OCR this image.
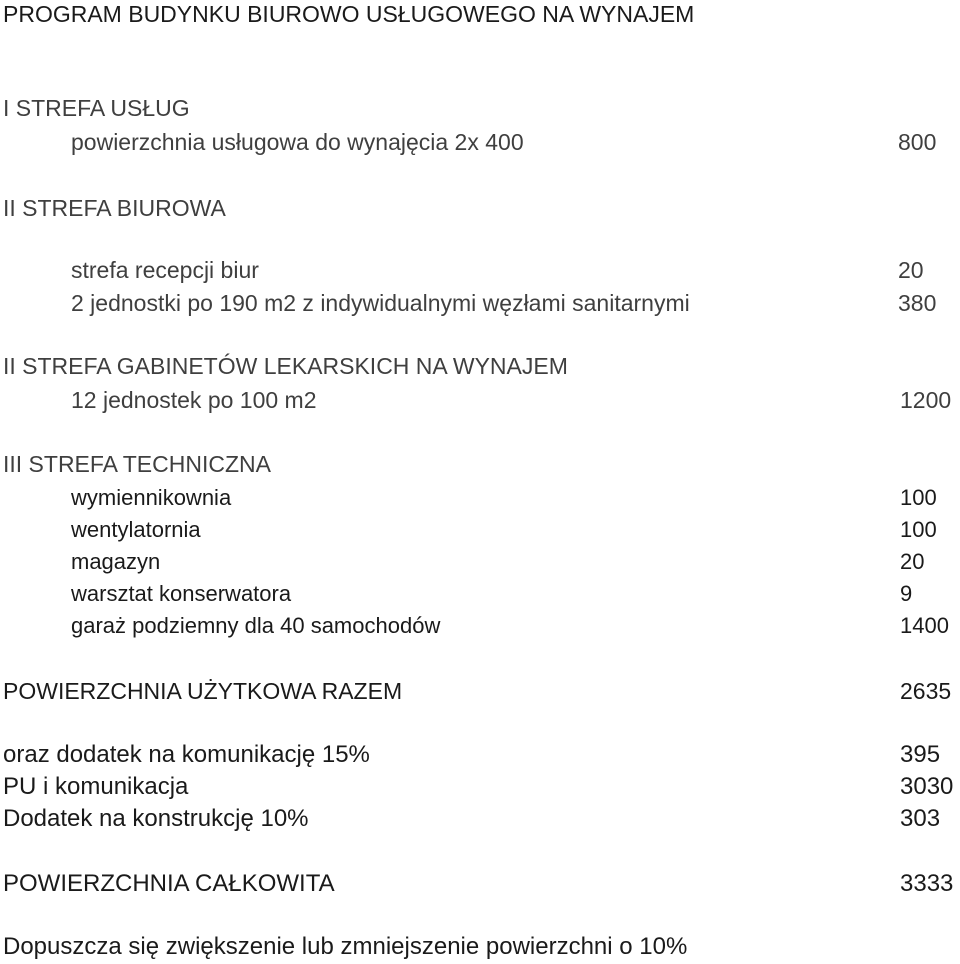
PROGRAM BUDYNKU BIUROWO USŁUGOWEGO NA WYNAJEM
I STREFA USŁUG
powierzchnia usługowa do wynajęcia 2x 400	800
II STREFA BIUROWA
strefa recepcji biur	20
2 jednostki po 190 m2 z indywidualnymi węzłami sanitarnymi	380
II STREFA GABINETÓW LEKARSKICH NA WYNAJEM
12 jednostek po 100 m2	1200
III STREFA TECHNICZNA
wymiennikownia	100
wentylatornia	100
magazyn	20
warsztat konserwatora	9
garaż podziemny dla 40 samochodów	1400
POWIERZCHNIA UŻYTKOWA RAZEM	2635
oraz dodatek na komunikację 15%	395
PU i komunikacja	3030
Dodatek na konstrukcję 10%	303
POWIERZCHNIA CAŁKOWITA	3333
Dopuszcza się zwiększenie lub zmniejszenie powierzchni o 10%
